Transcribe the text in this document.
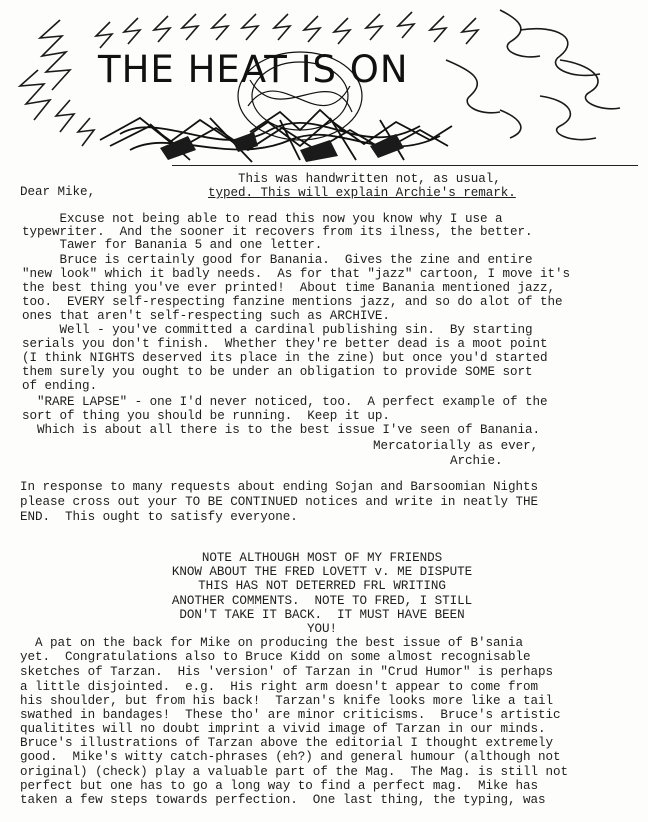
THE HEAT IS ON
Dear Mike,
This was handwritten not, as usual,
typed. This will explain Archie's remark.
Excuse not being able to read this now you know why I use a
typewriter.  And the sooner it recovers from its ilness, the better.
Tawer for Banania 5 and one letter.
Bruce is certainly good for Banania.  Gives the zine and entire
"new look" which it badly needs.  As for that "jazz" cartoon, I move it's
the best thing you've ever printed!  About time Banania mentioned jazz,
too.  EVERY self-respecting fanzine mentions jazz, and so do alot of the
ones that aren't self-respecting such as ARCHIVE.
Well - you've committed a cardinal publishing sin.  By starting
serials you don't finish.  Whether they're better dead is a moot point
(I think NIGHTS deserved its place in the zine) but once you'd started
them surely you ought to be under an obligation to provide SOME sort
of ending.
"RARE LAPSE" - one I'd never noticed, too.  A perfect example of the
sort of thing you should be running.  Keep it up.
Which is about all there is to the best issue I've seen of Banania.
Mercatorially as ever,
Archie.
In response to many requests about ending Sojan and Barsoomian Nights
please cross out your TO BE CONTINUED notices and write in neatly THE
END.  This ought to satisfy everyone.
NOTE ALTHOUGH MOST OF MY FRIENDS
KNOW ABOUT THE FRED LOVETT v. ME DISPUTE
THIS HAS NOT DETERRED FRL WRITING
ANOTHER COMMENTS.  NOTE TO FRED, I STILL
DON'T TAKE IT BACK.  IT MUST HAVE BEEN
YOU!
A pat on the back for Mike on producing the best issue of B'sania
yet.  Congratulations also to Bruce Kidd on some almost recognisable
sketches of Tarzan.  His 'version' of Tarzan in "Crud Humor" is perhaps
a little disjointed.  e.g.  His right arm doesn't appear to come from
his shoulder, but from his back!  Tarzan's knife looks more like a tail
swathed in bandages!  These tho' are minor criticisms.  Bruce's artistic
qualitites will no doubt imprint a vivid image of Tarzan in our minds.
Bruce's illustrations of Tarzan above the editorial I thought extremely
good.  Mike's witty catch-phrases (eh?) and general humour (although not
original) (check) play a valuable part of the Mag.  The Mag. is still not
perfect but one has to go a long way to find a perfect mag.  Mike has
taken a few steps towards perfection.  One last thing, the typing, was
